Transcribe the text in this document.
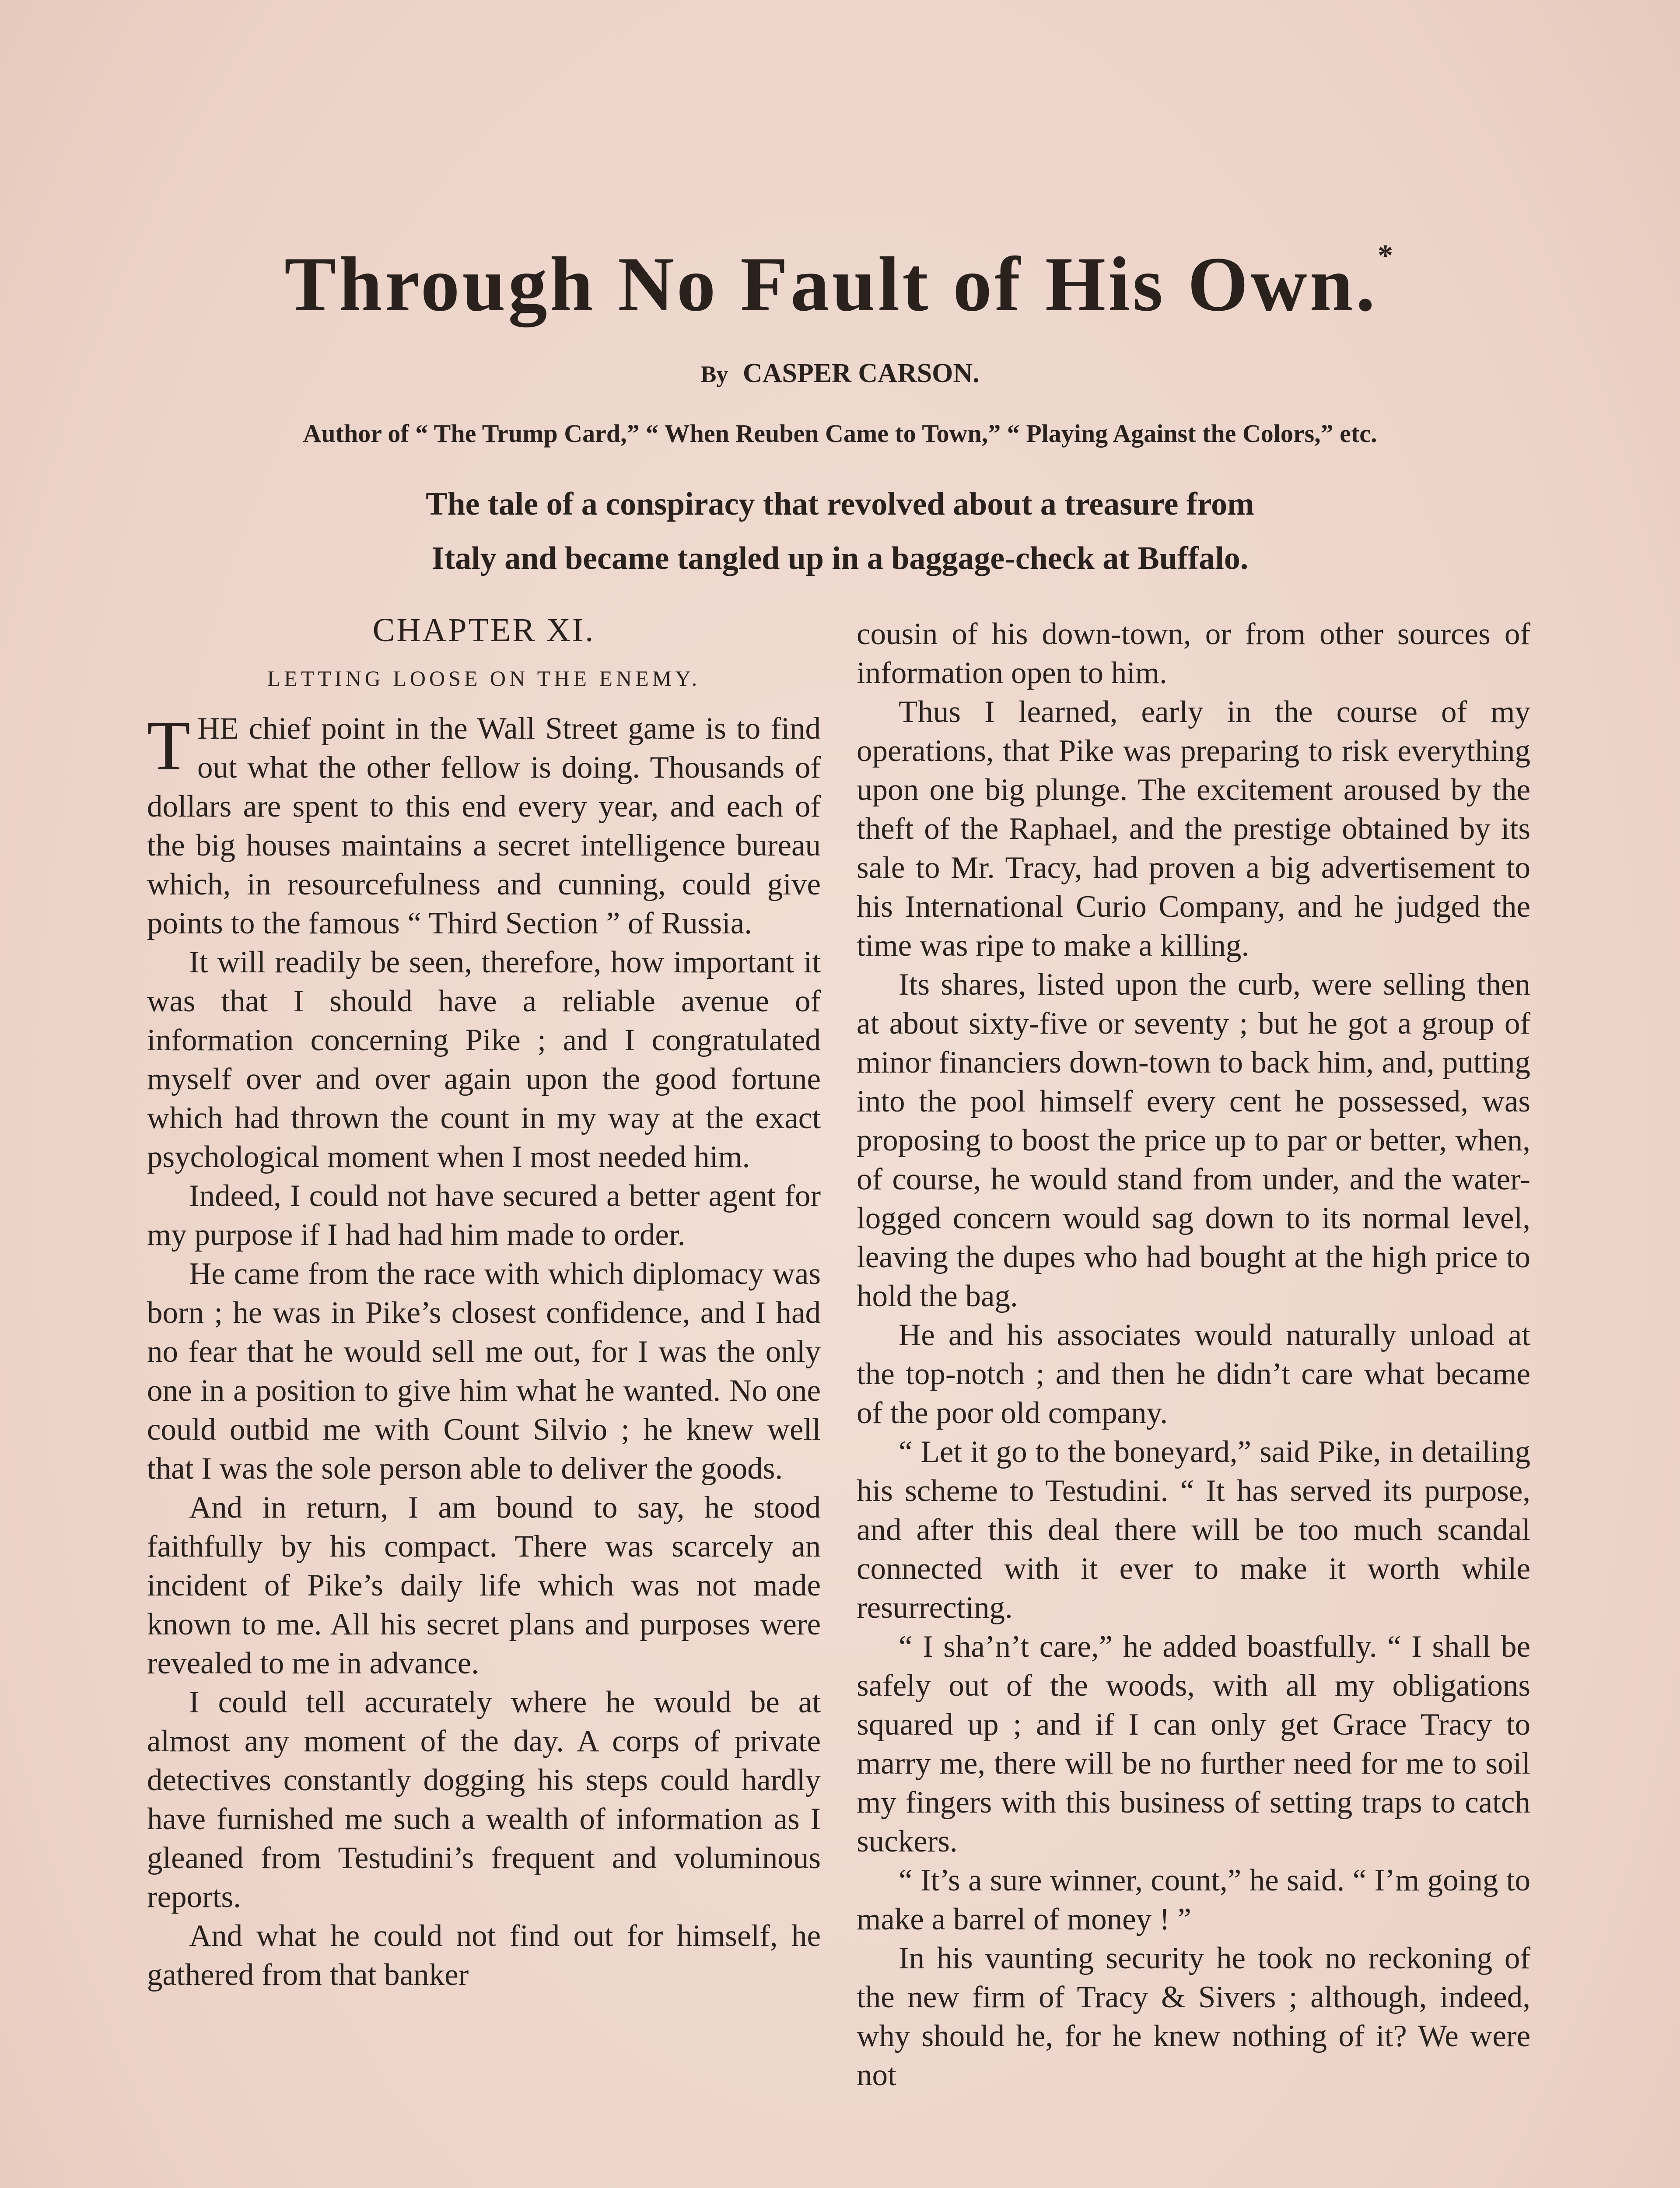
Through No Fault of His Own.*
By CASPER CARSON.
Author of “ The Trump Card,” “ When Reuben Came to Town,” “ Playing Against the Colors,” etc.
The tale of a conspiracy that revolved about a treasure from
Italy and became tangled up in a baggage-check at Buffalo.
CHAPTER XI.
LETTING LOOSE ON THE ENEMY.

THE chief point in the Wall Street game is to find out what the other fellow is doing. Thousands of dollars are spent to this end every year, and each of the big houses maintains a secret intelligence bureau which, in resourcefulness and cunning, could give points to the famous “ Third Section ” of Russia.

It will readily be seen, therefore, how important it was that I should have a reliable avenue of information concerning Pike ; and I congratulated myself over and over again upon the good fortune which had thrown the count in my way at the exact psychological moment when I most needed him.

Indeed, I could not have secured a better agent for my purpose if I had had him made to order.

He came from the race with which diplomacy was born ; he was in Pike’s closest confidence, and I had no fear that he would sell me out, for I was the only one in a position to give him what he wanted. No one could outbid me with Count Silvio ; he knew well that I was the sole person able to deliver the goods.

And in return, I am bound to say, he stood faithfully by his compact. There was scarcely an incident of Pike’s daily life which was not made known to me. All his secret plans and purposes were revealed to me in advance.

I could tell accurately where he would be at almost any moment of the day. A corps of private detectives constantly dogging his steps could hardly have furnished me such a wealth of information as I gleaned from Testudini’s frequent and voluminous reports.

And what he could not find out for himself, he gathered from that banker

cousin of his down-town, or from other sources of information open to him.

Thus I learned, early in the course of my operations, that Pike was preparing to risk everything upon one big plunge. The excitement aroused by the theft of the Raphael, and the prestige obtained by its sale to Mr. Tracy, had proven a big advertisement to his International Curio Company, and he judged the time was ripe to make a killing.

Its shares, listed upon the curb, were selling then at about sixty-five or seventy ; but he got a group of minor financiers down-town to back him, and, putting into the pool himself every cent he possessed, was proposing to boost the price up to par or better, when, of course, he would stand from under, and the water-logged concern would sag down to its normal level, leaving the dupes who had bought at the high price to hold the bag.

He and his associates would naturally unload at the top-notch ; and then he didn’t care what became of the poor old company.

“ Let it go to the boneyard,” said Pike, in detailing his scheme to Testudini. “ It has served its purpose, and after this deal there will be too much scandal connected with it ever to make it worth while resurrecting.

“ I sha’n’t care,” he added boastfully. “ I shall be safely out of the woods, with all my obligations squared up ; and if I can only get Grace Tracy to marry me, there will be no further need for me to soil my fingers with this business of setting traps to catch suckers.

“ It’s a sure winner, count,” he said. “ I’m going to make a barrel of money ! ”

In his vaunting security he took no reckoning of the new firm of Tracy & Sivers ; although, indeed, why should he, for he knew nothing of it? We were not
